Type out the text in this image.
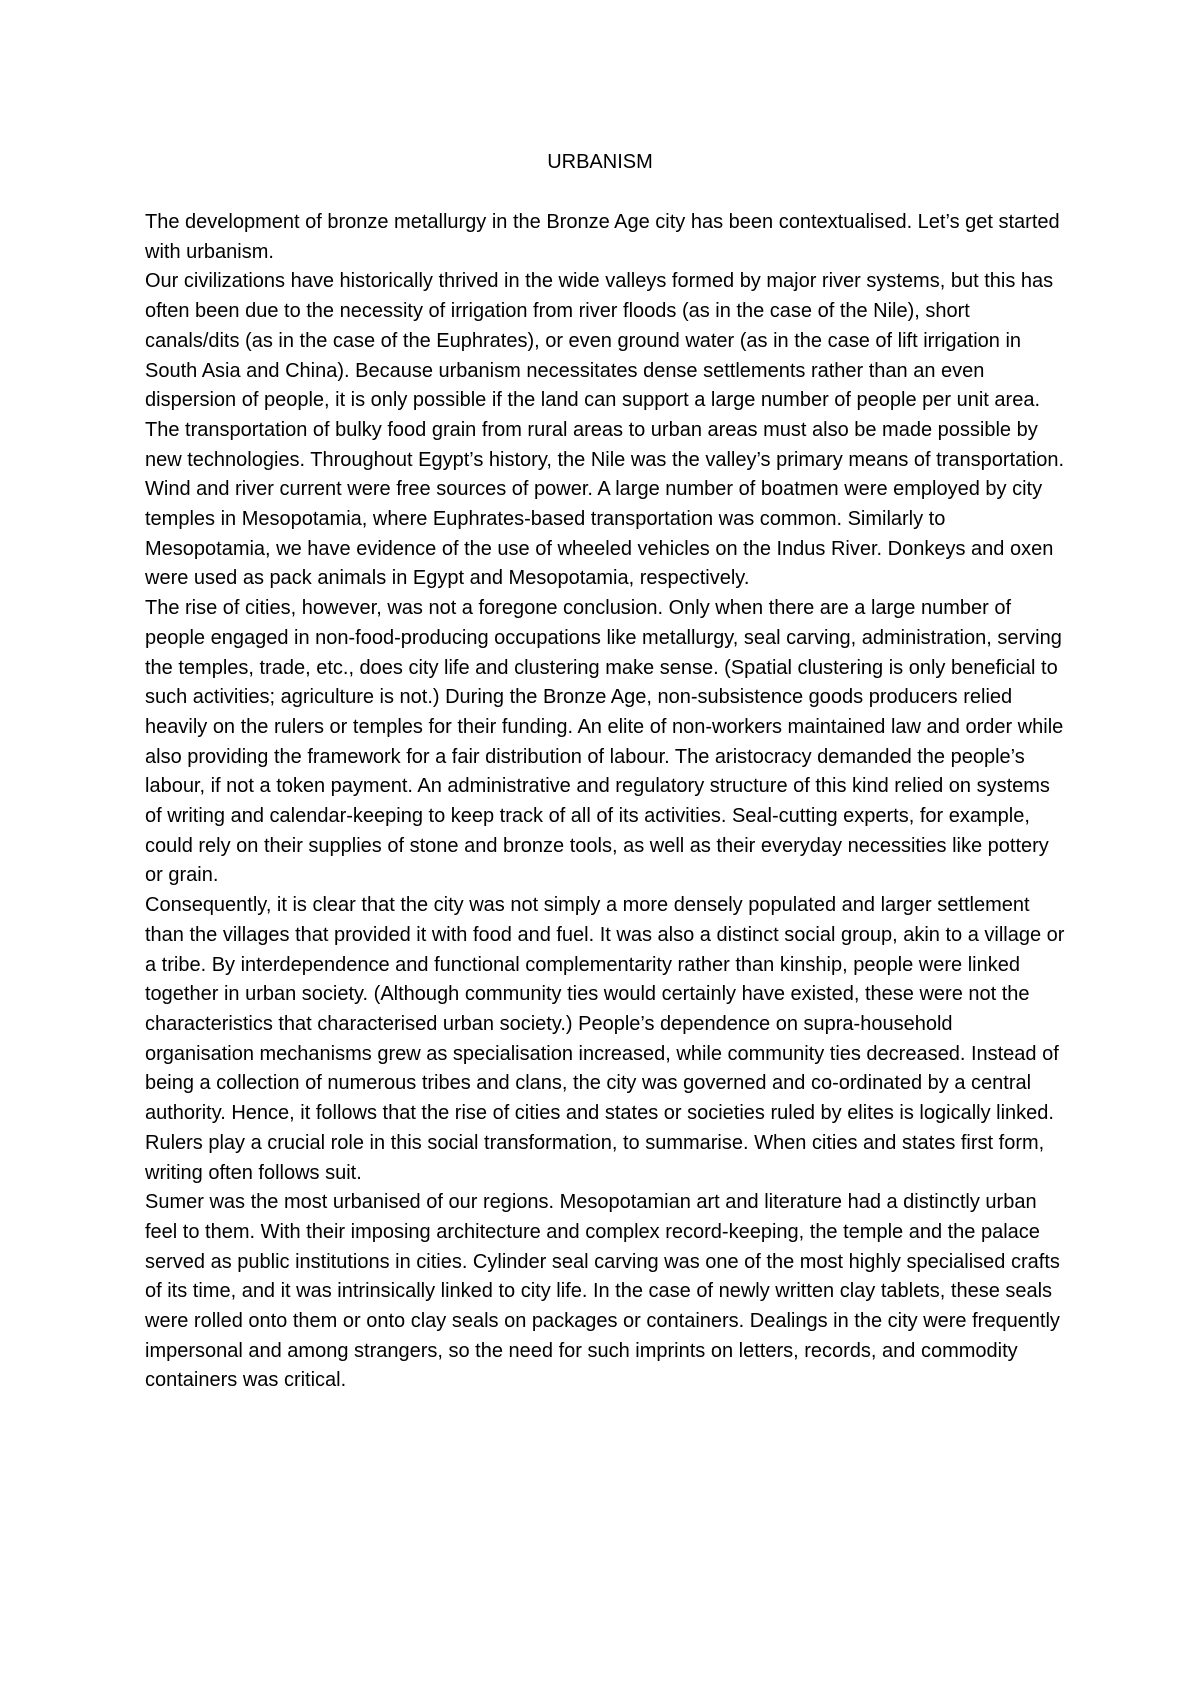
URBANISM

The development of bronze metallurgy in the Bronze Age city has been contextualised. Let’s get started with urbanism.

Our civilizations have historically thrived in the wide valleys formed by major river systems, but this has often been due to the necessity of irrigation from river floods (as in the case of the Nile), short canals/dits (as in the case of the Euphrates), or even ground water (as in the case of lift irrigation in South Asia and China). Because urbanism necessitates dense settlements rather than an even dispersion of people, it is only possible if the land can support a large number of people per unit area. The transportation of bulky food grain from rural areas to urban areas must also be made possible by new technologies. Throughout Egypt’s history, the Nile was the valley’s primary means of transportation. Wind and river current were free sources of power. A large number of boatmen were employed by city temples in Mesopotamia, where Euphrates-based transportation was common. Similarly to Mesopotamia, we have evidence of the use of wheeled vehicles on the Indus River. Donkeys and oxen were used as pack animals in Egypt and Mesopotamia, respectively.

The rise of cities, however, was not a foregone conclusion. Only when there are a large number of people engaged in non-food-producing occupations like metallurgy, seal carving, administration, serving the temples, trade, etc., does city life and clustering make sense. (Spatial clustering is only beneficial to such activities; agriculture is not.) During the Bronze Age, non-subsistence goods producers relied heavily on the rulers or temples for their funding. An elite of non-workers maintained law and order while also providing the framework for a fair distribution of labour. The aristocracy demanded the people’s labour, if not a token payment. An administrative and regulatory structure of this kind relied on systems of writing and calendar-keeping to keep track of all of its activities. Seal-cutting experts, for example, could rely on their supplies of stone and bronze tools, as well as their everyday necessities like pottery or grain.

Consequently, it is clear that the city was not simply a more densely populated and larger settlement than the villages that provided it with food and fuel. It was also a distinct social group, akin to a village or a tribe. By interdependence and functional complementarity rather than kinship, people were linked together in urban society. (Although community ties would certainly have existed, these were not the characteristics that characterised urban society.) People’s dependence on supra-household organisation mechanisms grew as specialisation increased, while community ties decreased. Instead of being a collection of numerous tribes and clans, the city was governed and co-ordinated by a central authority. Hence, it follows that the rise of cities and states or societies ruled by elites is logically linked. Rulers play a crucial role in this social transformation, to summarise. When cities and states first form, writing often follows suit.

Sumer was the most urbanised of our regions. Mesopotamian art and literature had a distinctly urban feel to them. With their imposing architecture and complex record-keeping, the temple and the palace served as public institutions in cities. Cylinder seal carving was one of the most highly specialised crafts of its time, and it was intrinsically linked to city life. In the case of newly written clay tablets, these seals were rolled onto them or onto clay seals on packages or containers. Dealings in the city were frequently impersonal and among strangers, so the need for such imprints on letters, records, and commodity containers was critical.
